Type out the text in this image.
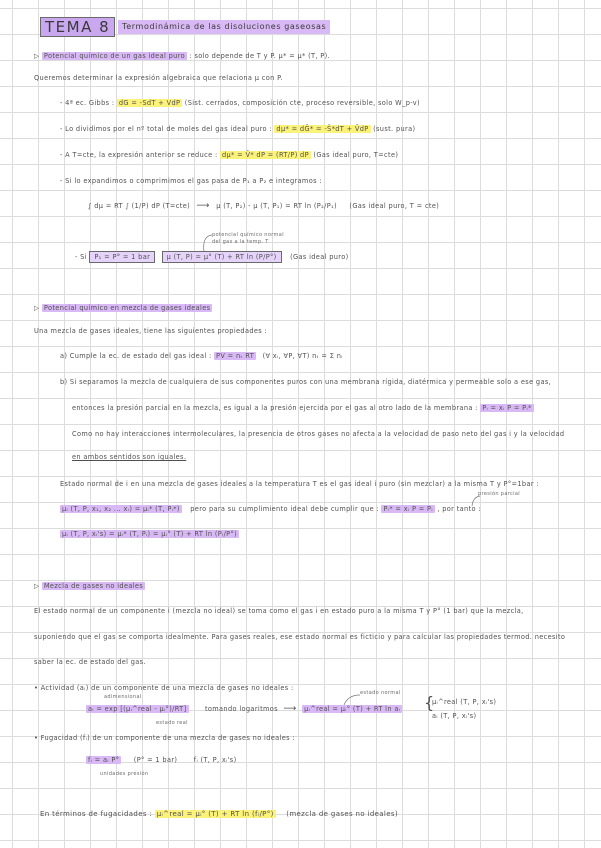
TEMA 8	Termodinámica de las disoluciones gaseosas
▷ Potencial químico de un gas ideal puro : solo depende de T y P. μ* = μ* (T, P).
Queremos determinar la expresión algebraica que relaciona μ con P.
- 4ª ec. Gibbs : dG = -SdT + VdP (Sist. cerrados, composición cte, proceso reversible, solo W_p-v)
- Lo dividimos por el nº total de moles del gas ideal puro : dμ* = dḠ* = -S̄*dT + V̄dP (sust. pura)
- A T=cte, la expresión anterior se reduce : dμ* = V̄* dP = (RT/P) dP (Gas ideal puro, T=cte)
- Si lo expandimos o comprimimos el gas pasa de P₁ a P₂ e integramos :
∫ dμ = RT ∫ (1/P) dP (T=cte) ⟶ μ (T, P₂) - μ (T, P₁) = RT ln (P₂/P₁) (Gas ideal puro, T = cte)
potencial químico normal
del gas a la temp. T
- Si P₁ = P° = 1 bar μ (T, P) = μ° (T) + RT ln (P/P°) (Gas ideal puro)
▷ Potencial químico en mezcla de gases ideales
Una mezcla de gases ideales, tiene las siguientes propiedades :
a) Cumple la ec. de estado del gas ideal : PV = nₜ RT (∀ xᵢ, ∀P, ∀T) nₜ = Σ nᵢ
b) Si separamos la mezcla de cualquiera de sus componentes puros con una membrana rígida, diatérmica y permeable solo a ese gas,
entonces la presión parcial en la mezcla, es igual a la presión ejercida por el gas al otro lado de la membrana : Pᵢ = xᵢ P = Pᵢ*
Como no hay interacciones intermoleculares, la presencia de otros gases no afecta a la velocidad de paso neto del gas i y la velocidad
en ambos sentidos son iguales.
Estado normal de i en una mezcla de gases ideales a la temperatura T es el gas ideal i puro (sin mezclar) a la misma T y P°=1bar :
presión parcial
μᵢ (T, P, x₁, x₂ ... xᵢ) = μᵢ* (T, Pᵢ*) pero para su cumplimiento ideal debe cumplir que : Pᵢ* = xᵢ P = Pᵢ , por tanto :
μᵢ (T, P, xᵢ's) = μᵢ* (T, Pᵢ) = μᵢ° (T) + RT ln (Pᵢ/P°)
▷ Mezcla de gases no ideales
El estado normal de un componente i (mezcla no ideal) se toma como el gas i en estado puro a la misma T y P° (1 bar) que la mezcla,
suponiendo que el gas se comporta idealmente. Para gases reales, ese estado normal es ficticio y para calcular las propiedades termod. necesito
saber la ec. de estado del gas.
• Actividad (aᵢ) de un componente de una mezcla de gases no ideales :
adimensional
aᵢ = exp [(μᵢ^real - μᵢ°)/RT]	tomando logaritmos ⟶ μᵢ^real = μᵢ° (T) + RT ln aᵢ
estado normal
estado real
{
μᵢ^real (T, P, xᵢ's)
aᵢ (T, P, xᵢ's)
• Fugacidad (fᵢ) de un componente de una mezcla de gases no ideales :
fᵢ = aᵢ P° (P° = 1 bar) fᵢ (T, P, xᵢ's)
unidades presión
En términos de fugacidades : μᵢ^real = μᵢ° (T) + RT ln (fᵢ/P°) (mezcla de gases no ideales)
